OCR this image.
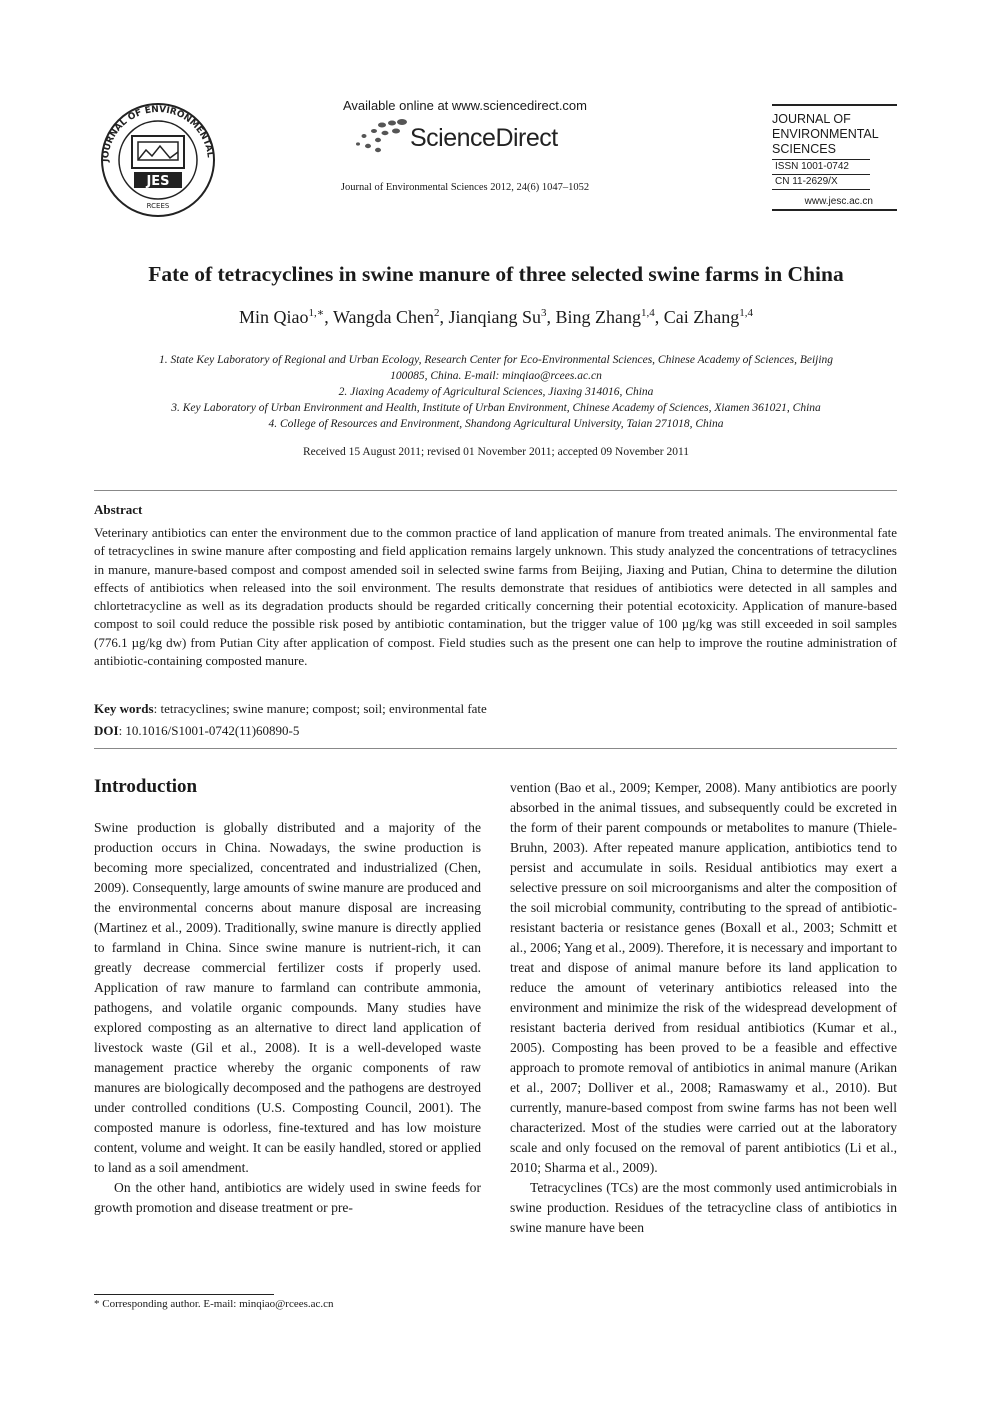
JOURNAL OF ENVIRONMENTAL
JES
RCEES
Available online at www.sciencedirect.com
ScienceDirect
Journal of Environmental Sciences 2012, 24(6) 1047–1052
JOURNAL OF
ENVIRONMENTAL
SCIENCES
ISSN 1001-0742
CN 11-2629/X
www.jesc.ac.cn
Fate of tetracyclines in swine manure of three selected swine farms in China
Min Qiao$^{1,∗}$, Wangda Chen$^2$, Jianqiang Su$^3$, Bing Zhang$^{1,4}$, Cai Zhang$^{1,4}$
1. State Key Laboratory of Regional and Urban Ecology, Research Center for Eco-Environmental Sciences, Chinese Academy of Sciences, Beijing
100085, China. E-mail: minqiao@rcees.ac.cn
2. Jiaxing Academy of Agricultural Sciences, Jiaxing 314016, China
3. Key Laboratory of Urban Environment and Health, Institute of Urban Environment, Chinese Academy of Sciences, Xiamen 361021, China
4. College of Resources and Environment, Shandong Agricultural University, Taian 271018, China
Received 15 August 2011; revised 01 November 2011; accepted 09 November 2011
Abstract
Veterinary antibiotics can enter the environment due to the common practice of land application of manure from treated animals. The environmental fate of tetracyclines in swine manure after composting and field application remains largely unknown. This study analyzed the concentrations of tetracyclines in manure, manure-based compost and compost amended soil in selected swine farms from Beijing, Jiaxing and Putian, China to determine the dilution effects of antibiotics when released into the soil environment. The results demonstrate that residues of antibiotics were detected in all samples and chlortetracycline as well as its degradation products should be regarded critically concerning their potential ecotoxicity. Application of manure-based compost to soil could reduce the possible risk posed by antibiotic contamination, but the trigger value of 100 µg/kg was still exceeded in soil samples (776.1 µg/kg dw) from Putian City after application of compost. Field studies such as the present one can help to improve the routine administration of antibiotic-containing composted manure.
Key words: tetracyclines; swine manure; compost; soil; environmental fate
DOI: 10.1016/S1001-0742(11)60890-5
Introduction

Swine production is globally distributed and a majority of the production occurs in China. Nowadays, the swine production is becoming more specialized, concentrated and industrialized (Chen, 2009). Consequently, large amounts of swine manure are produced and the environmental concerns about manure disposal are increasing (Martinez et al., 2009). Traditionally, swine manure is directly applied to farmland in China. Since swine manure is nutrient-rich, it can greatly decrease commercial fertilizer costs if properly used. Application of raw manure to farmland can contribute ammonia, pathogens, and volatile organic compounds. Many studies have explored composting as an alternative to direct land application of livestock waste (Gil et al., 2008). It is a well-developed waste management practice whereby the organic components of raw manures are biologically decomposed and the pathogens are destroyed under controlled conditions (U.S. Composting Council, 2001). The composted manure is odorless, fine-textured and has low moisture content, volume and weight. It can be easily handled, stored or applied to land as a soil amendment.

On the other hand, antibiotics are widely used in swine feeds for growth promotion and disease treatment or pre-

vention (Bao et al., 2009; Kemper, 2008). Many antibiotics are poorly absorbed in the animal tissues, and subsequently could be excreted in the form of their parent compounds or metabolites to manure (Thiele-Bruhn, 2003). After repeated manure application, antibiotics tend to persist and accumulate in soils. Residual antibiotics may exert a selective pressure on soil microorganisms and alter the composition of the soil microbial community, contributing to the spread of antibiotic-resistant bacteria or resistance genes (Boxall et al., 2003; Schmitt et al., 2006; Yang et al., 2009). Therefore, it is necessary and important to treat and dispose of animal manure before its land application to reduce the amount of veterinary antibiotics released into the environment and minimize the risk of the widespread development of resistant bacteria derived from residual antibiotics (Kumar et al., 2005). Composting has been proved to be a feasible and effective approach to promote removal of antibiotics in animal manure (Arikan et al., 2007; Dolliver et al., 2008; Ramaswamy et al., 2010). But currently, manure-based compost from swine farms has not been well characterized. Most of the studies were carried out at the laboratory scale and only focused on the removal of parent antibiotics (Li et al., 2010; Sharma et al., 2009).

Tetracyclines (TCs) are the most commonly used antimicrobials in swine production. Residues of the tetracycline class of antibiotics in swine manure have been

* Corresponding author. E-mail: minqiao@rcees.ac.cn
